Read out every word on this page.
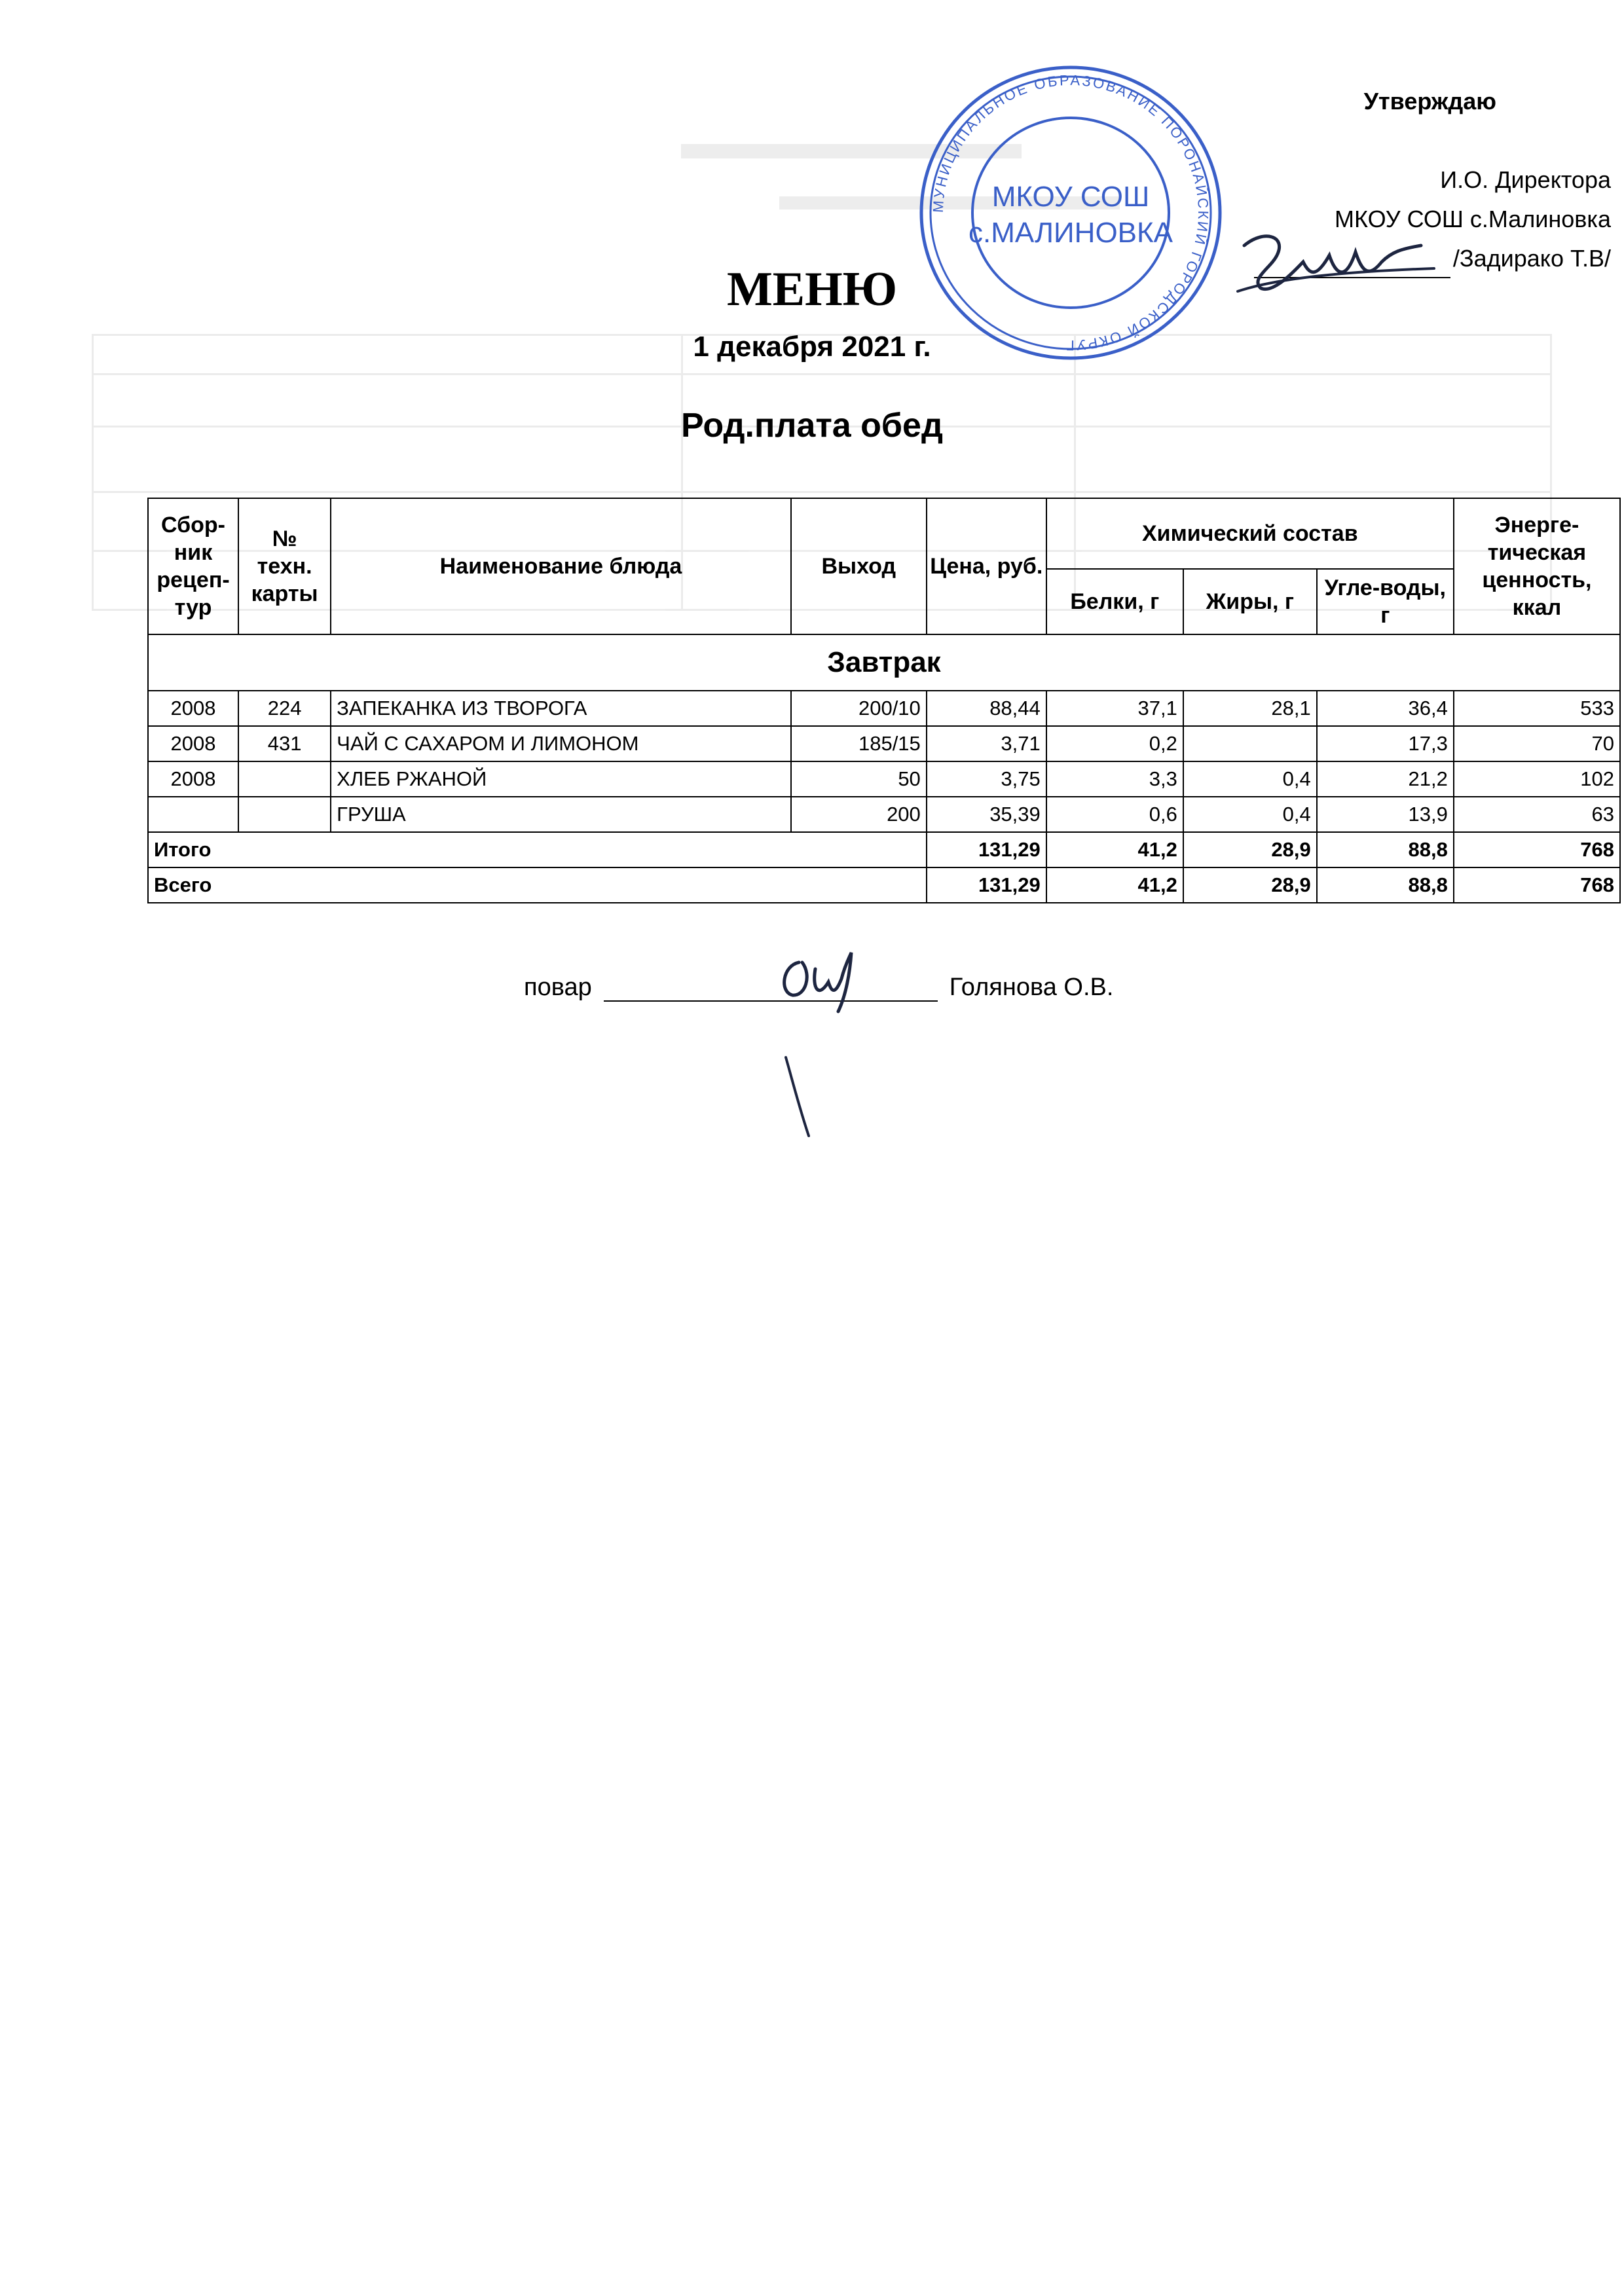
Утверждаю
И.О. Директора
МКОУ СОШ с.Малиновка
/Задирако Т.В/
МУНИЦИПАЛЬНОЕ ОБРАЗОВАНИЕ ПОРОНАЙСКИЙ ГОРОДСКОЙ ОКРУГ
МКОУ СОШ
с.МАЛИНОВКА
МЕНЮ
1 декабря 2021 г.
Род.плата обед
Сбор-ник рецеп-тур	№ техн. карты	Наименование блюда	Выход	Цена, руб.	Химический состав			Энерге-тическая ценность, ккал
					Белки, г	Жиры, г	Угле-воды, г	
Завтрак								
2008	224	ЗАПЕКАНКА ИЗ ТВОРОГА	200/10	88,44	37,1	28,1	36,4	533
2008	431	ЧАЙ С САХАРОМ И ЛИМОНОМ	185/15	3,71	0,2		17,3	70
2008		ХЛЕБ РЖАНОЙ	50	3,75	3,3	0,4	21,2	102
		ГРУША	200	35,39	0,6	0,4	13,9	63
Итого				131,29	41,2	28,9	88,8	768
Всего				131,29	41,2	28,9	88,8	768
повар	Голянова О.В.
